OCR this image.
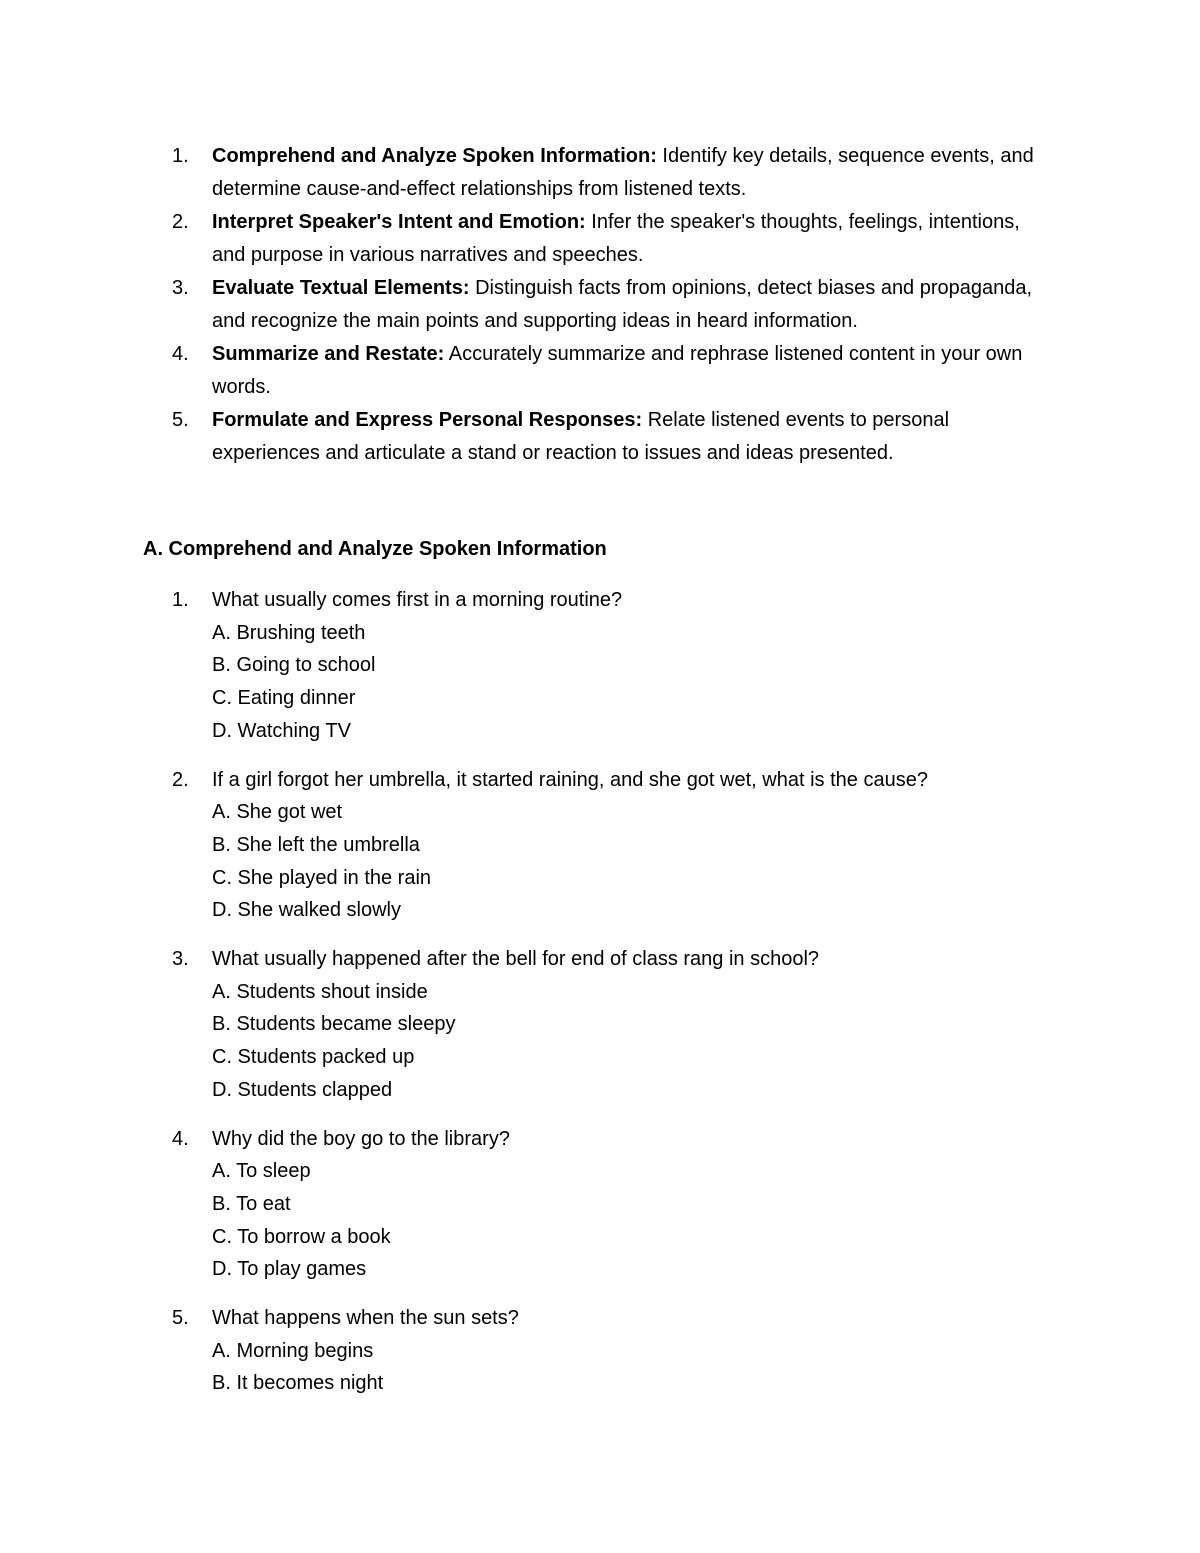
1.	Comprehend and Analyze Spoken Information: Identify key details, sequence events, and determine cause-and-effect relationships from listened texts.
2.	Interpret Speaker's Intent and Emotion: Infer the speaker's thoughts, feelings, intentions, and purpose in various narratives and speeches.
3.	Evaluate Textual Elements: Distinguish facts from opinions, detect biases and propaganda, and recognize the main points and supporting ideas in heard information.
4.	Summarize and Restate: Accurately summarize and rephrase listened content in your own words.
5.	Formulate and Express Personal Responses: Relate listened events to personal experiences and articulate a stand or reaction to issues and ideas presented.
A. Comprehend and Analyze Spoken Information
1.	What usually comes first in a morning routine?
A. Brushing teeth
B. Going to school
C. Eating dinner
D. Watching TV
2.	If a girl forgot her umbrella, it started raining, and she got wet, what is the cause?
A. She got wet
B. She left the umbrella
C. She played in the rain
D. She walked slowly
3.	What usually happened after the bell for end of class rang in school?
A. Students shout inside
B. Students became sleepy
C. Students packed up
D. Students clapped
4.	Why did the boy go to the library?
A. To sleep
B. To eat
C. To borrow a book
D. To play games
5.	What happens when the sun sets?
A. Morning begins
B. It becomes night
